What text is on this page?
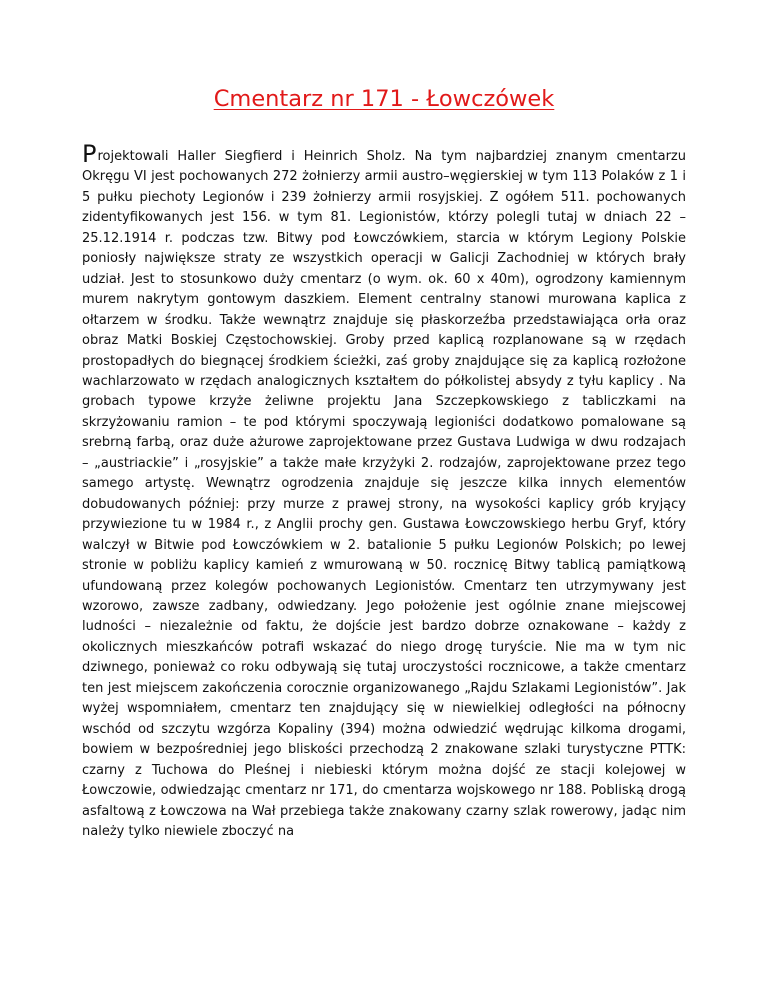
Cmentarz nr 171 - Łowczówek

Projektowali Haller Siegfierd i Heinrich Sholz. Na tym najbardziej znanym cmentarzu Okręgu VI jest pochowanych 272 żołnierzy armii austro–węgierskiej w tym 113 Polaków z 1 i 5 pułku piechoty Legionów i 239 żołnierzy armii rosyjskiej. Z ogółem 511. pochowanych zidentyfikowanych jest 156. w tym 81. Legionistów, którzy polegli tutaj w dniach 22 –25.12.1914 r. podczas tzw. Bitwy pod Łowczówkiem, starcia w którym Legiony Polskie poniosły największe straty ze wszystkich operacji w Galicji Zachodniej w których brały udział. Jest to stosunkowo duży cmentarz (o wym. ok. 60 x 40m), ogrodzony kamiennym murem nakrytym gontowym daszkiem. Element centralny stanowi murowana kaplica z ołtarzem w środku. Także wewnątrz znajduje się płaskorzeźba przedstawiająca orła oraz obraz Matki Boskiej Częstochowskiej. Groby przed kaplicą rozplanowane są w rzędach prostopadłych do biegnącej środkiem ścieżki, zaś groby znajdujące się za kaplicą rozłożone wachlarzowato w rzędach analogicznych kształtem do półkolistej absydy z tyłu kaplicy . Na grobach typowe krzyże żeliwne projektu Jana Szczepkowskiego z tabliczkami na skrzyżowaniu ramion – te pod którymi spoczywają legioniści dodatkowo pomalowane są srebrną farbą, oraz duże ażurowe zaprojektowane przez Gustava Ludwiga w dwu rodzajach – „austriackie” i „rosyjskie” a także małe krzyżyki 2. rodzajów, zaprojektowane przez tego samego artystę. Wewnątrz ogrodzenia znajduje się jeszcze kilka innych elementów dobudowanych później: przy murze z prawej strony, na wysokości kaplicy grób kryjący przywiezione tu w 1984 r., z Anglii prochy gen. Gustawa Łowczowskiego herbu Gryf, który walczył w Bitwie pod Łowczówkiem w 2. batalionie 5 pułku Legionów Polskich; po lewej stronie w pobliżu kaplicy kamień z wmurowaną w 50. rocznicę Bitwy tablicą pamiątkową ufundowaną przez kolegów pochowanych Legionistów. Cmentarz ten utrzymywany jest wzorowo, zawsze zadbany, odwiedzany. Jego położenie jest ogólnie znane miejscowej ludności – niezależnie od faktu, że dojście jest bardzo dobrze oznakowane – każdy z okolicznych mieszkańców potrafi wskazać do niego drogę turyście. Nie ma w tym nic dziwnego, ponieważ co roku odbywają się tutaj uroczystości rocznicowe, a także cmentarz ten jest miejscem zakończenia corocznie organizowanego „Rajdu Szlakami Legionistów”. Jak wyżej wspomniałem, cmentarz ten znajdujący się w niewielkiej odległości na północny wschód od szczytu wzgórza Kopaliny (394) można odwiedzić wędrując kilkoma drogami, bowiem w bezpośredniej jego bliskości przechodzą 2 znakowane szlaki turystyczne PTTK: czarny z Tuchowa do Pleśnej i niebieski którym można dojść ze stacji kolejowej w Łowczowie, odwiedzając cmentarz nr 171, do cmentarza wojskowego nr 188. Pobliską drogą asfaltową z Łowczowa na Wał przebiega także znakowany czarny szlak rowerowy, jadąc nim należy tylko niewiele zboczyć na
